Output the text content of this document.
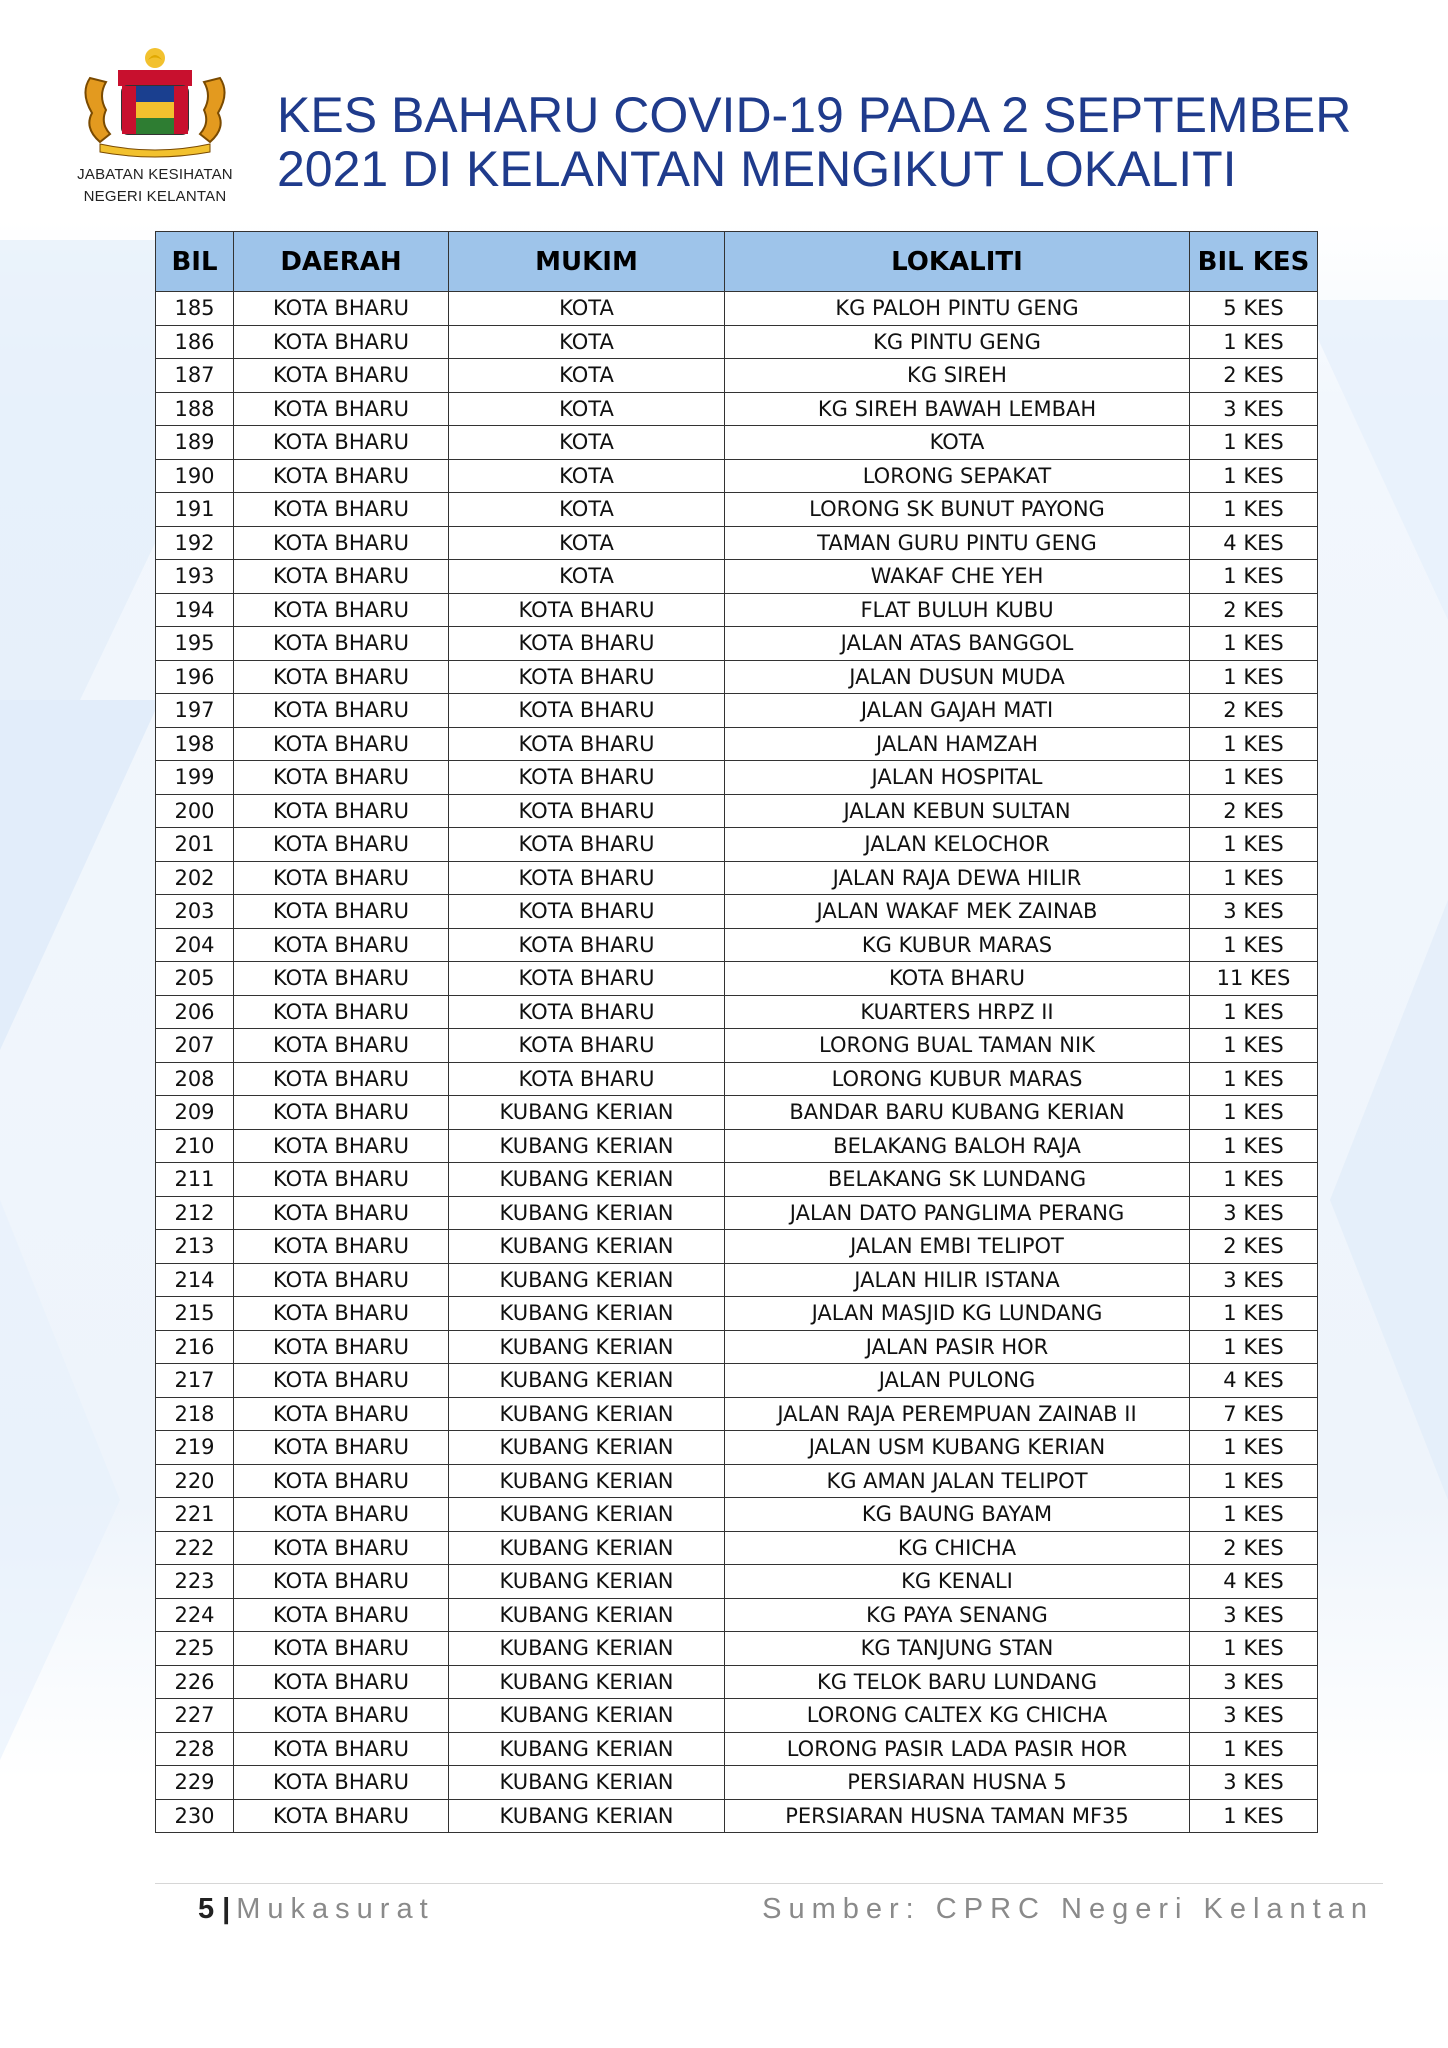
JABATAN KESIHATAN
NEGERI KELANTAN
KES BAHARU COVID-19 PADA 2 SEPTEMBER
2021 DI KELANTAN MENGIKUT LOKALITI
BIL	DAERAH	MUKIM	LOKALITI	BIL KES
185	KOTA BHARU	KOTA	KG PALOH PINTU GENG	5 KES
186	KOTA BHARU	KOTA	KG PINTU GENG	1 KES
187	KOTA BHARU	KOTA	KG SIREH	2 KES
188	KOTA BHARU	KOTA	KG SIREH BAWAH LEMBAH	3 KES
189	KOTA BHARU	KOTA	KOTA	1 KES
190	KOTA BHARU	KOTA	LORONG SEPAKAT	1 KES
191	KOTA BHARU	KOTA	LORONG SK BUNUT PAYONG	1 KES
192	KOTA BHARU	KOTA	TAMAN GURU PINTU GENG	4 KES
193	KOTA BHARU	KOTA	WAKAF CHE YEH	1 KES
194	KOTA BHARU	KOTA BHARU	FLAT BULUH KUBU	2 KES
195	KOTA BHARU	KOTA BHARU	JALAN ATAS BANGGOL	1 KES
196	KOTA BHARU	KOTA BHARU	JALAN DUSUN MUDA	1 KES
197	KOTA BHARU	KOTA BHARU	JALAN GAJAH MATI	2 KES
198	KOTA BHARU	KOTA BHARU	JALAN HAMZAH	1 KES
199	KOTA BHARU	KOTA BHARU	JALAN HOSPITAL	1 KES
200	KOTA BHARU	KOTA BHARU	JALAN KEBUN SULTAN	2 KES
201	KOTA BHARU	KOTA BHARU	JALAN KELOCHOR	1 KES
202	KOTA BHARU	KOTA BHARU	JALAN RAJA DEWA HILIR	1 KES
203	KOTA BHARU	KOTA BHARU	JALAN WAKAF MEK ZAINAB	3 KES
204	KOTA BHARU	KOTA BHARU	KG KUBUR MARAS	1 KES
205	KOTA BHARU	KOTA BHARU	KOTA BHARU	11 KES
206	KOTA BHARU	KOTA BHARU	KUARTERS HRPZ II	1 KES
207	KOTA BHARU	KOTA BHARU	LORONG BUAL TAMAN NIK	1 KES
208	KOTA BHARU	KOTA BHARU	LORONG KUBUR MARAS	1 KES
209	KOTA BHARU	KUBANG KERIAN	BANDAR BARU KUBANG KERIAN	1 KES
210	KOTA BHARU	KUBANG KERIAN	BELAKANG BALOH RAJA	1 KES
211	KOTA BHARU	KUBANG KERIAN	BELAKANG SK LUNDANG	1 KES
212	KOTA BHARU	KUBANG KERIAN	JALAN DATO PANGLIMA PERANG	3 KES
213	KOTA BHARU	KUBANG KERIAN	JALAN EMBI TELIPOT	2 KES
214	KOTA BHARU	KUBANG KERIAN	JALAN HILIR ISTANA	3 KES
215	KOTA BHARU	KUBANG KERIAN	JALAN MASJID KG LUNDANG	1 KES
216	KOTA BHARU	KUBANG KERIAN	JALAN PASIR HOR	1 KES
217	KOTA BHARU	KUBANG KERIAN	JALAN PULONG	4 KES
218	KOTA BHARU	KUBANG KERIAN	JALAN RAJA PEREMPUAN ZAINAB II	7 KES
219	KOTA BHARU	KUBANG KERIAN	JALAN USM KUBANG KERIAN	1 KES
220	KOTA BHARU	KUBANG KERIAN	KG AMAN JALAN TELIPOT	1 KES
221	KOTA BHARU	KUBANG KERIAN	KG BAUNG BAYAM	1 KES
222	KOTA BHARU	KUBANG KERIAN	KG CHICHA	2 KES
223	KOTA BHARU	KUBANG KERIAN	KG KENALI	4 KES
224	KOTA BHARU	KUBANG KERIAN	KG PAYA SENANG	3 KES
225	KOTA BHARU	KUBANG KERIAN	KG TANJUNG STAN	1 KES
226	KOTA BHARU	KUBANG KERIAN	KG TELOK BARU LUNDANG	3 KES
227	KOTA BHARU	KUBANG KERIAN	LORONG CALTEX KG CHICHA	3 KES
228	KOTA BHARU	KUBANG KERIAN	LORONG PASIR LADA PASIR HOR	1 KES
229	KOTA BHARU	KUBANG KERIAN	PERSIARAN HUSNA 5	3 KES
230	KOTA BHARU	KUBANG KERIAN	PERSIARAN HUSNA TAMAN MF35	1 KES
5 | Mukasurat	Sumber: CPRC Negeri Kelantan
